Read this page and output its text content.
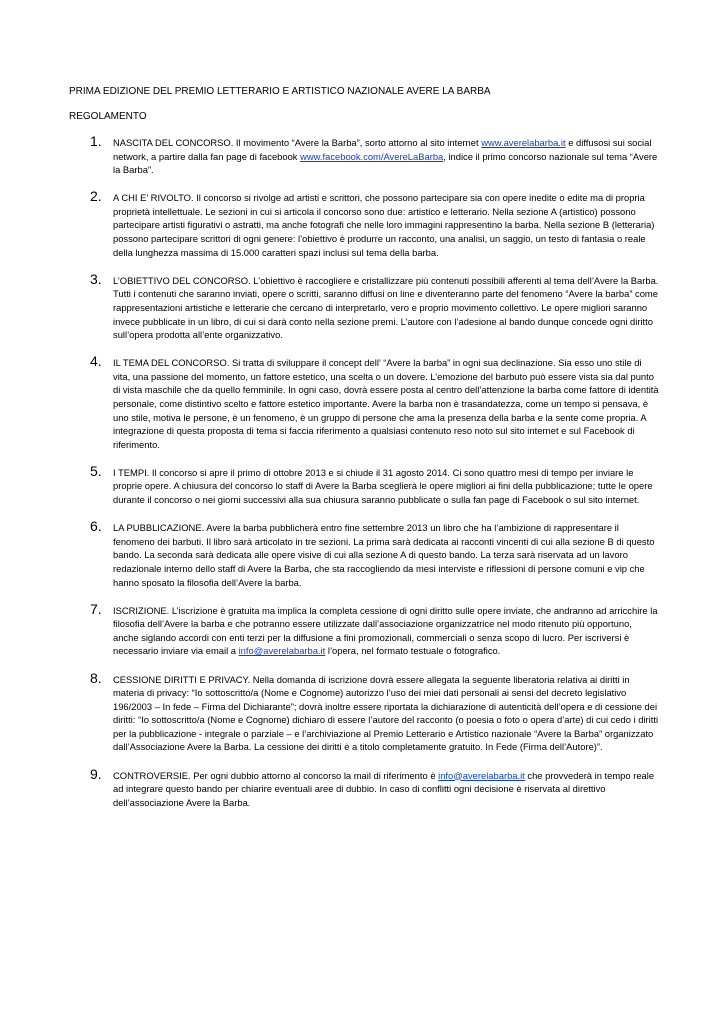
PRIMA EDIZIONE DEL PREMIO LETTERARIO E ARTISTICO NAZIONALE AVERE LA BARBA
REGOLAMENTO
1. NASCITA DEL CONCORSO. Il movimento “Avere la Barba”, sorto attorno al sito internet www.averelabarba.it e diffusosi sui social network, a partire dalla fan page di facebook www.facebook.com/AvereLaBarba, indice il primo concorso nazionale sul tema “Avere la Barba”.
2. A CHI E’ RIVOLTO. Il concorso si rivolge ad artisti e scrittori, che possono partecipare sia con opere inedite o edite ma di propria proprietà intellettuale. Le sezioni in cui si articola il concorso sono due: artistico e letterario. Nella sezione A (artistico) possono partecipare artisti figurativi o astratti, ma anche fotografi che nelle loro immagini rappresentino la barba. Nella sezione B (letteraria) possono partecipare scrittori di ogni genere: l’obiettivo è produrre un racconto, una analisi, un saggio, un testo di fantasia o reale della lunghezza massima di 15.000 caratteri spazi inclusi sul tema della barba.
3. L’OBIETTIVO DEL CONCORSO. L’obiettivo è raccogliere e cristallizzare più contenuti possibili afferenti al tema dell’Avere la Barba. Tutti i contenuti che saranno inviati, opere o scritti, saranno diffusi on line e diventeranno parte del fenomeno “Avere la barba” come rappresentazioni artistiche e letterarie che cercano di interpretarlo, vero e proprio movimento collettivo. Le opere migliori saranno invece pubblicate in un libro, di cui si darà conto nella sezione premi. L’autore con l’adesione al bando dunque concede ogni diritto sull’opera prodotta all’ente organizzativo.
4. IL TEMA DEL CONCORSO. Si tratta di sviluppare il concept dell’ “Avere la barba” in ogni sua declinazione. Sia esso uno stile di vita, una passione del momento, un fattore estetico, una scelta o un dovere. L’emozione del barbuto può essere vista sia dal punto di vista maschile che da quello femminile. In ogni caso, dovrà essere posta al centro dell’attenzione la barba come fattore di identità personale, come distintivo scelto e fattore estetico importante. Avere la barba non è trasandatezza, come un tempo si pensava, è uno stile, motiva le persone, è un fenomeno, è un gruppo di persone che ama la presenza della barba e la sente come propria. A integrazione di questa proposta di tema si faccia riferimento a qualsiasi contenuto reso noto sul sito internet e sul Facebook di riferimento.
5. I TEMPI. Il concorso si apre il primo di ottobre 2013 e si chiude il 31 agosto 2014. Ci sono quattro mesi di tempo per inviare le proprie opere. A chiusura del concorso lo staff di Avere la Barba sceglierà le opere migliori ai fini della pubblicazione; tutte le opere durante il concorso o nei giorni successivi alla sua chiusura saranno pubblicate o sulla fan page di Facebook o sul sito internet.
6. LA PUBBLICAZIONE. Avere la barba pubblicherà entro fine settembre 2013 un libro che ha l’ambizione di rappresentare il fenomeno dei barbuti. Il libro sarà articolato in tre sezioni. La prima sarà dedicata ai racconti vincenti di cui alla sezione B di questo bando. La seconda sarà dedicata alle opere visive di cui alla sezione A di questo bando. La terza sarà riservata ad un lavoro redazionale interno dello staff di Avere la Barba, che sta raccogliendo da mesi interviste e riflessioni di persone comuni e vip che hanno sposato la filosofia dell’Avere la barba.
7. ISCRIZIONE. L’iscrizione è gratuita ma implica la completa cessione di ogni diritto sulle opere inviate, che andranno ad arricchire la filosofia dell’Avere la barba e che potranno essere utilizzate dall’associazione organizzatrice nel modo ritenuto più opportuno, anche siglando accordi con enti terzi per la diffusione a fini promozionali, commerciali o senza scopo di lucro. Per iscriversi è necessario inviare via email a info@averelabarba.it l’opera, nel formato testuale o fotografico.
8. CESSIONE DIRITTI E PRIVACY. Nella domanda di iscrizione dovrà essere allegata la seguente liberatoria relativa ai diritti in materia di privacy: “Io sottoscritto/a (Nome e Cognome) autorizzo l’uso dei miei dati personali ai sensi del decreto legislativo 196/2003 – In fede – Firma del Dichiarante”; dovrà inoltre essere riportata la dichiarazione di autenticità dell’opera e di cessione dei diritti: “Io sottoscritto/a (Nome e Cognome) dichiaro di essere l’autore del racconto (o poesia o foto o opera d’arte) di cui cedo i diritti per la pubblicazione - integrale o parziale – e l’archiviazione al Premio Letterario e Artistico nazionale “Avere la Barba” organizzato dall’Associazione Avere la Barba. La cessione dei diritti è a titolo completamente gratuito. In Fede (Firma dell’Autore)”.
9. CONTROVERSIE. Per ogni dubbio attorno al concorso la mail di riferimento è info@averelabarba.it che provvederà in tempo reale ad integrare questo bando per chiarire eventuali aree di dubbio. In caso di conflitti ogni decisione è riservata al direttivo dell’associazione Avere la Barba.
